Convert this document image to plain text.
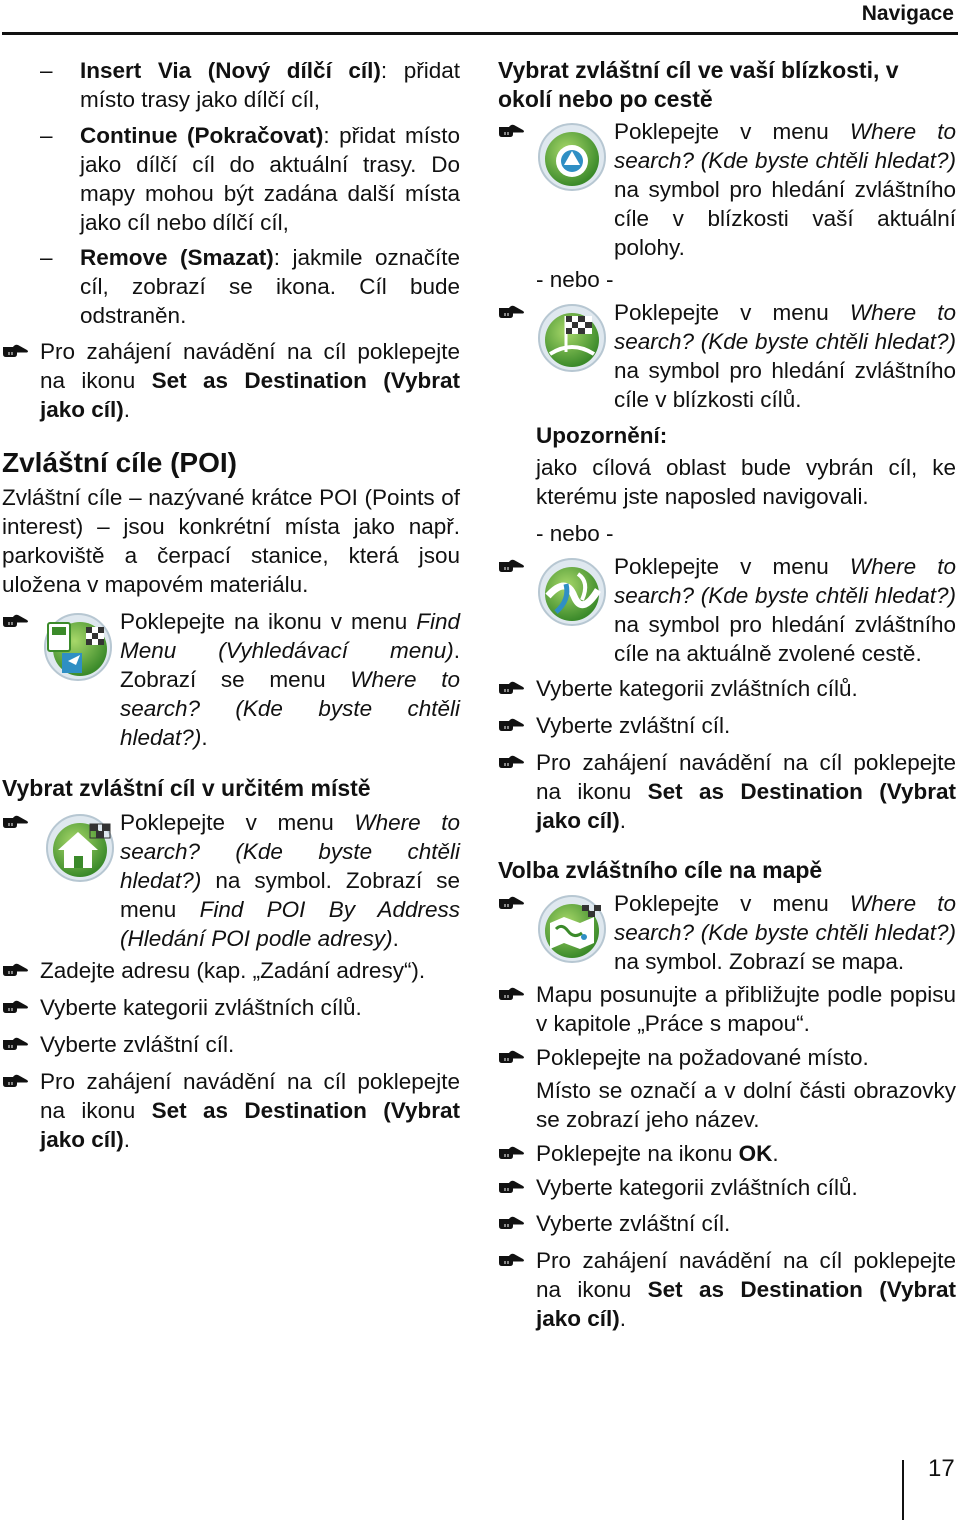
Navigace

– Insert Via (Nový dílčí cíl): přidat místo trasy jako dílčí cíl,

– Continue (Pokračovat): přidat místo jako dílčí cíl do aktuální trasy. Do mapy mohou být zadána další místa jako cíl nebo dílčí cíl,

– Remove (Smazat): jakmile označíte cíl, zobrazí se ikona. Cíl bude odstraněn.

Pro zahájení navádění na cíl poklepejte na ikonu Set as Destination (Vybrat jako cíl).

Zvláštní cíle (POI)

Zvláštní cíle – nazývané krátce POI (Points of interest) – jsou konkrétní místa jako např. parkoviště a čerpací stanice, která jsou uložena v mapovém materiálu.

Poklepejte na ikonu v menu Find Menu (Vyhledávací menu). Zobrazí se menu Where to search? (Kde byste chtěli hledat?).

Vybrat zvláštní cíl v určitém místě

Poklepejte v menu Where to search? (Kde byste chtěli hledat?) na symbol. Zobrazí se menu Find POI By Address (Hledání POI podle adresy).

Zadejte adresu (kap. „Zadání adresy“).

Vyberte kategorii zvláštních cílů.

Vyberte zvláštní cíl.

Pro zahájení navádění na cíl poklepejte na ikonu Set as Destination (Vybrat jako cíl).

Vybrat zvláštní cíl ve vaší blízkosti, v okolí nebo po cestě

Poklepejte v menu Where to search? (Kde byste chtěli hledat?) na symbol pro hledání zvláštního cíle v blízkosti vaší aktuální polohy.

- nebo -

Poklepejte v menu Where to search? (Kde byste chtěli hledat?) na symbol pro hledání zvláštního cíle v blízkosti cílů.

Upozornění:

jako cílová oblast bude vybrán cíl, ke kterému jste naposled navigovali.

- nebo -

Poklepejte v menu Where to search? (Kde byste chtěli hledat?) na symbol pro hledání zvláštního cíle na aktuálně zvolené cestě.

Vyberte kategorii zvláštních cílů.

Vyberte zvláštní cíl.

Pro zahájení navádění na cíl poklepejte na ikonu Set as Destination (Vybrat jako cíl).

Volba zvláštního cíle na mapě

Poklepejte v menu Where to search? (Kde byste chtěli hledat?) na symbol. Zobrazí se mapa.

Mapu posunujte a přibližujte podle popisu v kapitole „Práce s mapou“.

Poklepejte na požadované místo.

Místo se označí a v dolní části obrazovky se zobrazí jeho název.

Poklepejte na ikonu OK.

Vyberte kategorii zvláštních cílů.

Vyberte zvláštní cíl.

Pro zahájení navádění na cíl poklepejte na ikonu Set as Destination (Vybrat jako cíl).

17
